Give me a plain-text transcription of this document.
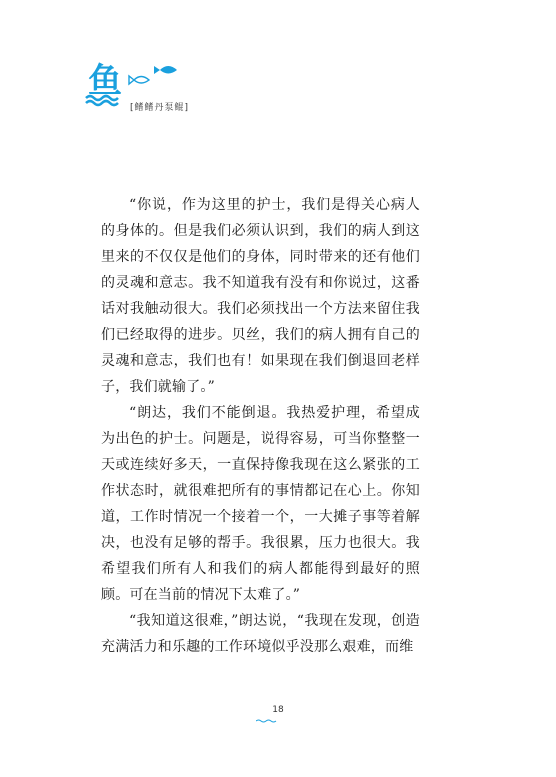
鱼
[鳍鳍丹泵鲲]

“你说，作为这里的护士，我们是得关心病人的身体的。但是我们必须认识到，我们的病人到这里来的不仅仅是他们的身体，同时带来的还有他们的灵魂和意志。我不知道我有没有和你说过，这番话对我触动很大。我们必须找出一个方法来留住我们已经取得的进步。贝丝，我们的病人拥有自己的灵魂和意志，我们也有！如果现在我们倒退回老样子，我们就输了。”

“朗达，我们不能倒退。我热爱护理，希望成为出色的护士。问题是，说得容易，可当你整整一天或连续好多天，一直保持像我现在这么紧张的工作状态时，就很难把所有的事情都记在心上。你知道，工作时情况一个接着一个，一大摊子事等着解决，也没有足够的帮手。我很累，压力也很大。我希望我们所有人和我们的病人都能得到最好的照顾。可在当前的情况下太难了。”

“我知道这很难，”朗达说，“我现在发现，创造充满活力和乐趣的工作环境似乎没那么艰难，而维

18
